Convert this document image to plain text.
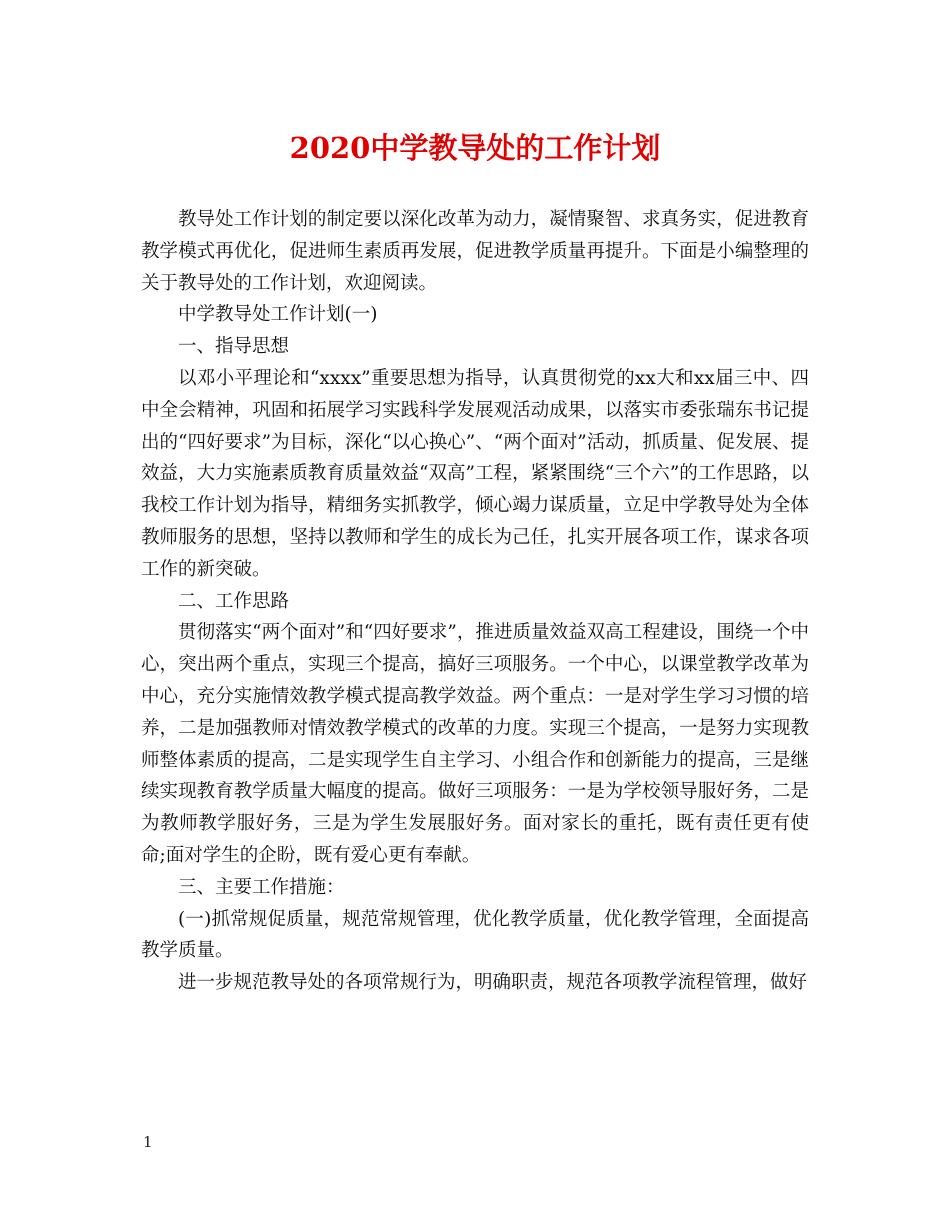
2020中学教导处的工作计划

教导处工作计划的制定要以深化改革为动力，凝情聚智、求真务实，促进教育教学模式再优化，促进师生素质再发展，促进教学质量再提升。下面是小编整理的关于教导处的工作计划，欢迎阅读。

中学教导处工作计划(一)

一、指导思想

以邓小平理论和“xxxx”重要思想为指导，认真贯彻党的xx大和xx届三中、四中全会精神，巩固和拓展学习实践科学发展观活动成果，以落实市委张瑞东书记提出的“四好要求”为目标，深化“以心换心”、“两个面对”活动，抓质量、促发展、提效益，大力实施素质教育质量效益“双高”工程，紧紧围绕“三个六”的工作思路，以我校工作计划为指导，精细务实抓教学，倾心竭力谋质量，立足中学教导处为全体教师服务的思想，坚持以教师和学生的成长为己任，扎实开展各项工作，谋求各项工作的新突破。

二、工作思路

贯彻落实“两个面对”和“四好要求”，推进质量效益双高工程建设，围绕一个中心，突出两个重点，实现三个提高，搞好三项服务。一个中心，以课堂教学改革为中心，充分实施情效教学模式提高教学效益。两个重点：一是对学生学习习惯的培养，二是加强教师对情效教学模式的改革的力度。实现三个提高，一是努力实现教师整体素质的提高，二是实现学生自主学习、小组合作和创新能力的提高，三是继续实现教育教学质量大幅度的提高。做好三项服务：一是为学校领导服好务，二是为教师教学服好务，三是为学生发展服好务。面对家长的重托，既有责任更有使命;面对学生的企盼，既有爱心更有奉献。

三、主要工作措施：

(一)抓常规促质量，规范常规管理，优化教学质量，优化教学管理，全面提高教学质量。

进一步规范教导处的各项常规行为，明确职责，规范各项教学流程管理，做好

1
